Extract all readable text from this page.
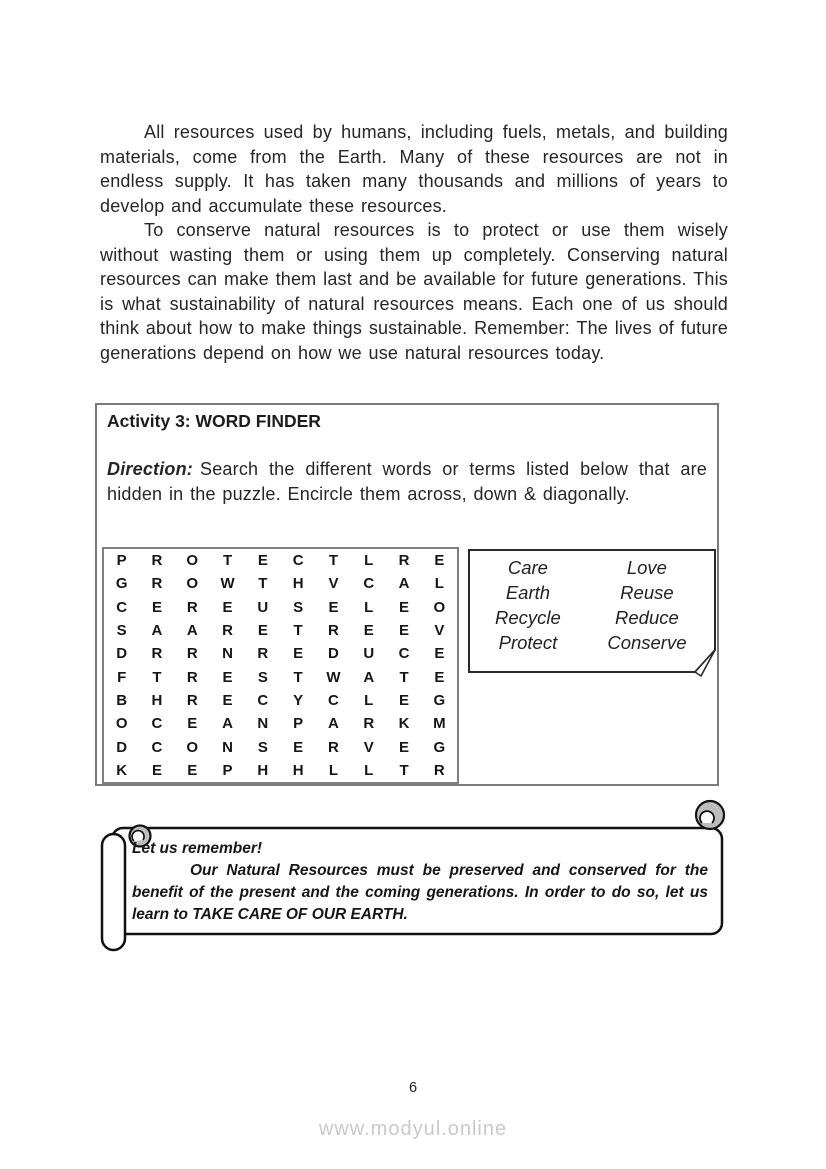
All resources used by humans, including fuels, metals, and building materials, come from the Earth. Many of these resources are not in endless supply. It has taken many thousands and millions of years to develop and accumulate these resources.

To conserve natural resources is to protect or use them wisely without wasting them or using them up completely. Conserving natural resources can make them last and be available for future generations. This is what sustainability of natural resources means. Each one of us should think about how to make things sustainable. Remember: The lives of future generations depend on how we use natural resources today.

Activity 3: WORD FINDER

Direction: Search the different words or terms listed below that are hidden in the puzzle. Encircle them across, down & diagonally.

P R O T E C T L R E
G R O W T H V C A L
C E R E U S E L E O
S A A R E T R E E V
D R R N R E D U C E
F T R E S T W A T E
B H R E C Y C L E G
O C E A N P A R K M
D C O N S E R V E G
K E E P H H L L T R
Care
Earth
Recycle
Protect
Love
Reuse
Reduce
Conserve
Let us remember!

Our Natural Resources must be preserved and conserved for the benefit of the present and the coming generations. In order to do so, let us learn to TAKE CARE OF OUR EARTH.

6
www.modyul.online
